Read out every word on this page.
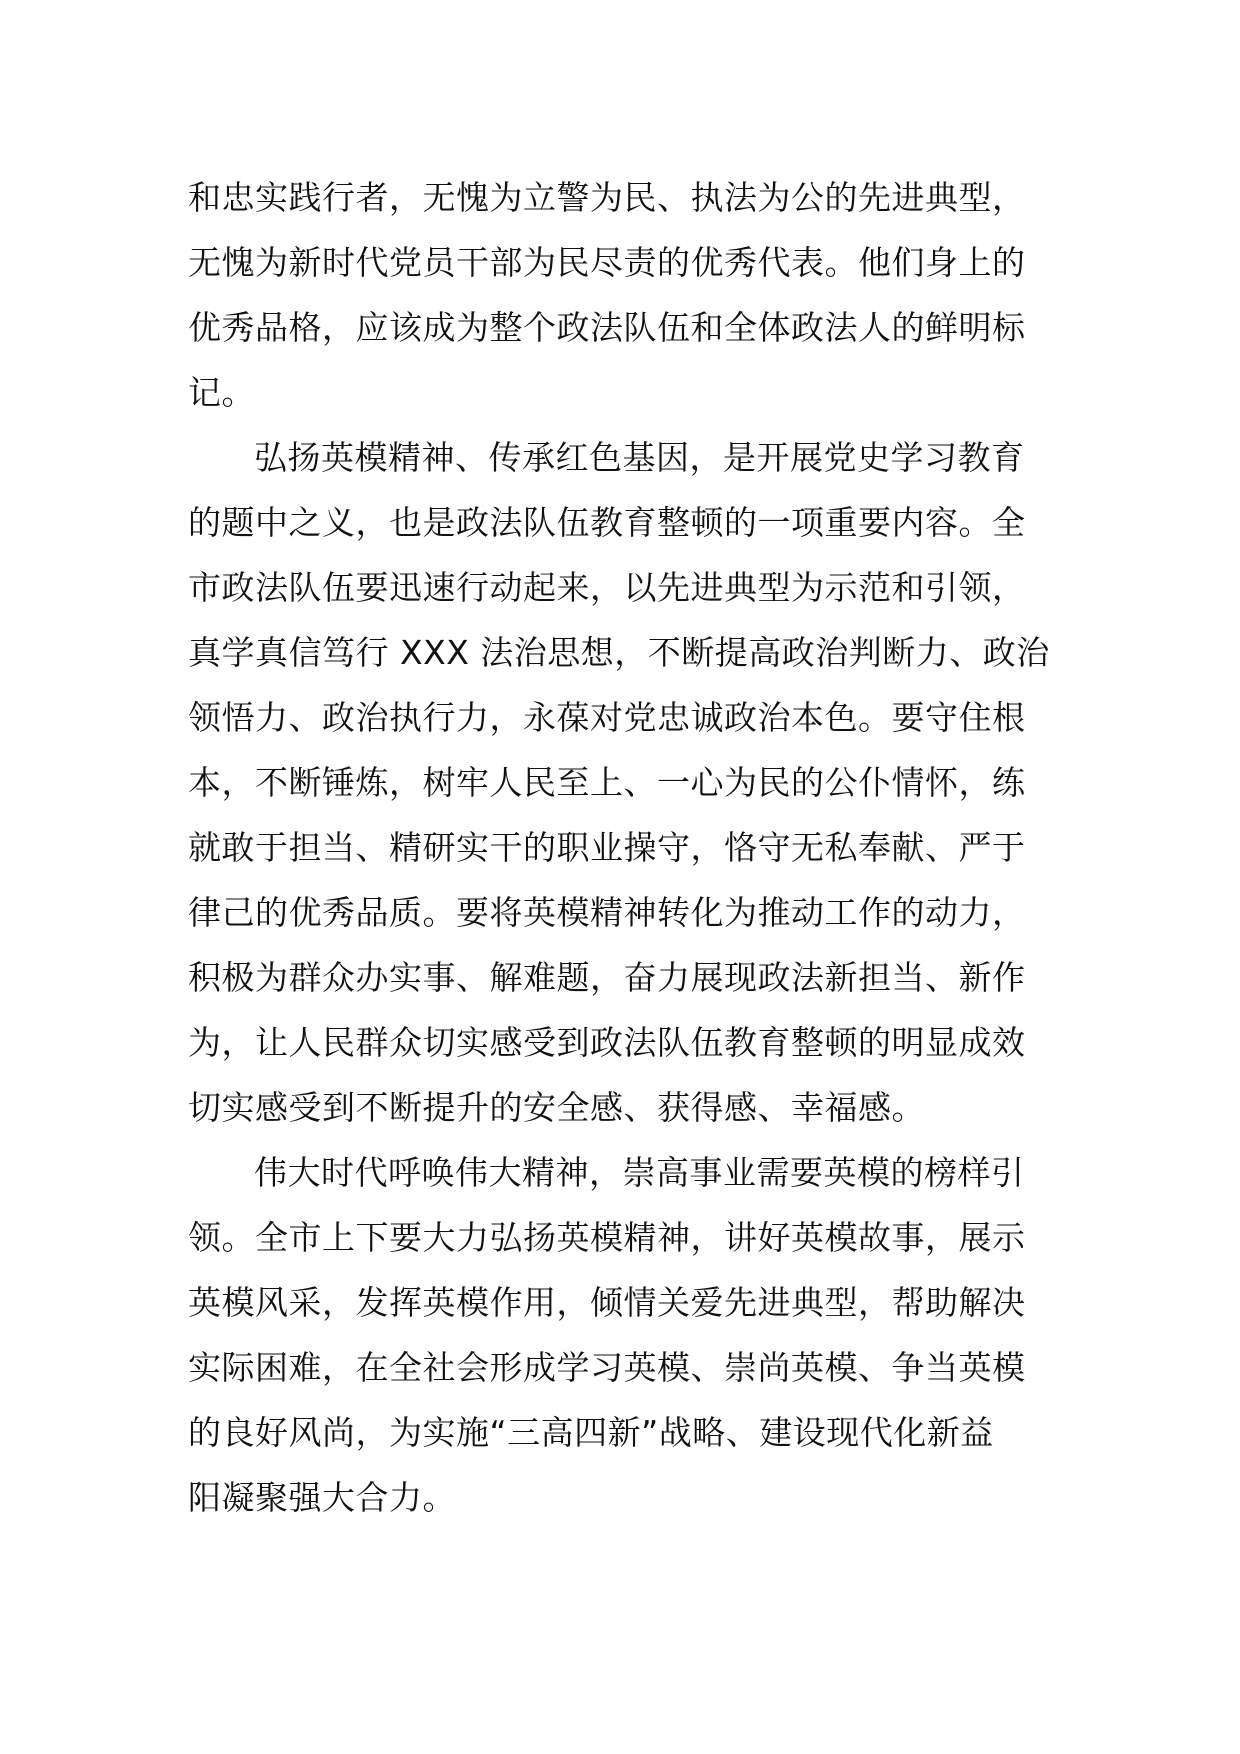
和忠实践行者，无愧为立警为民、执法为公的先进典型，
无愧为新时代党员干部为民尽责的优秀代表。他们身上的
优秀品格，应该成为整个政法队伍和全体政法人的鲜明标
记。
弘扬英模精神、传承红色基因，是开展党史学习教育
的题中之义，也是政法队伍教育整顿的一项重要内容。全
市政法队伍要迅速行动起来，以先进典型为示范和引领，
真学真信笃行 XXX 法治思想，不断提高政治判断力、政治
领悟力、政治执行力，永葆对党忠诚政治本色。要守住根
本，不断锤炼，树牢人民至上、一心为民的公仆情怀，练
就敢于担当、精研实干的职业操守，恪守无私奉献、严于
律己的优秀品质。要将英模精神转化为推动工作的动力，
积极为群众办实事、解难题，奋力展现政法新担当、新作
为，让人民群众切实感受到政法队伍教育整顿的明显成效
切实感受到不断提升的安全感、获得感、幸福感。
伟大时代呼唤伟大精神，崇高事业需要英模的榜样引
领。全市上下要大力弘扬英模精神，讲好英模故事，展示
英模风采，发挥英模作用，倾情关爱先进典型，帮助解决
实际困难，在全社会形成学习英模、崇尚英模、争当英模
的良好风尚，为实施“三高四新”战略、建设现代化新益
阳凝聚强大合力。
